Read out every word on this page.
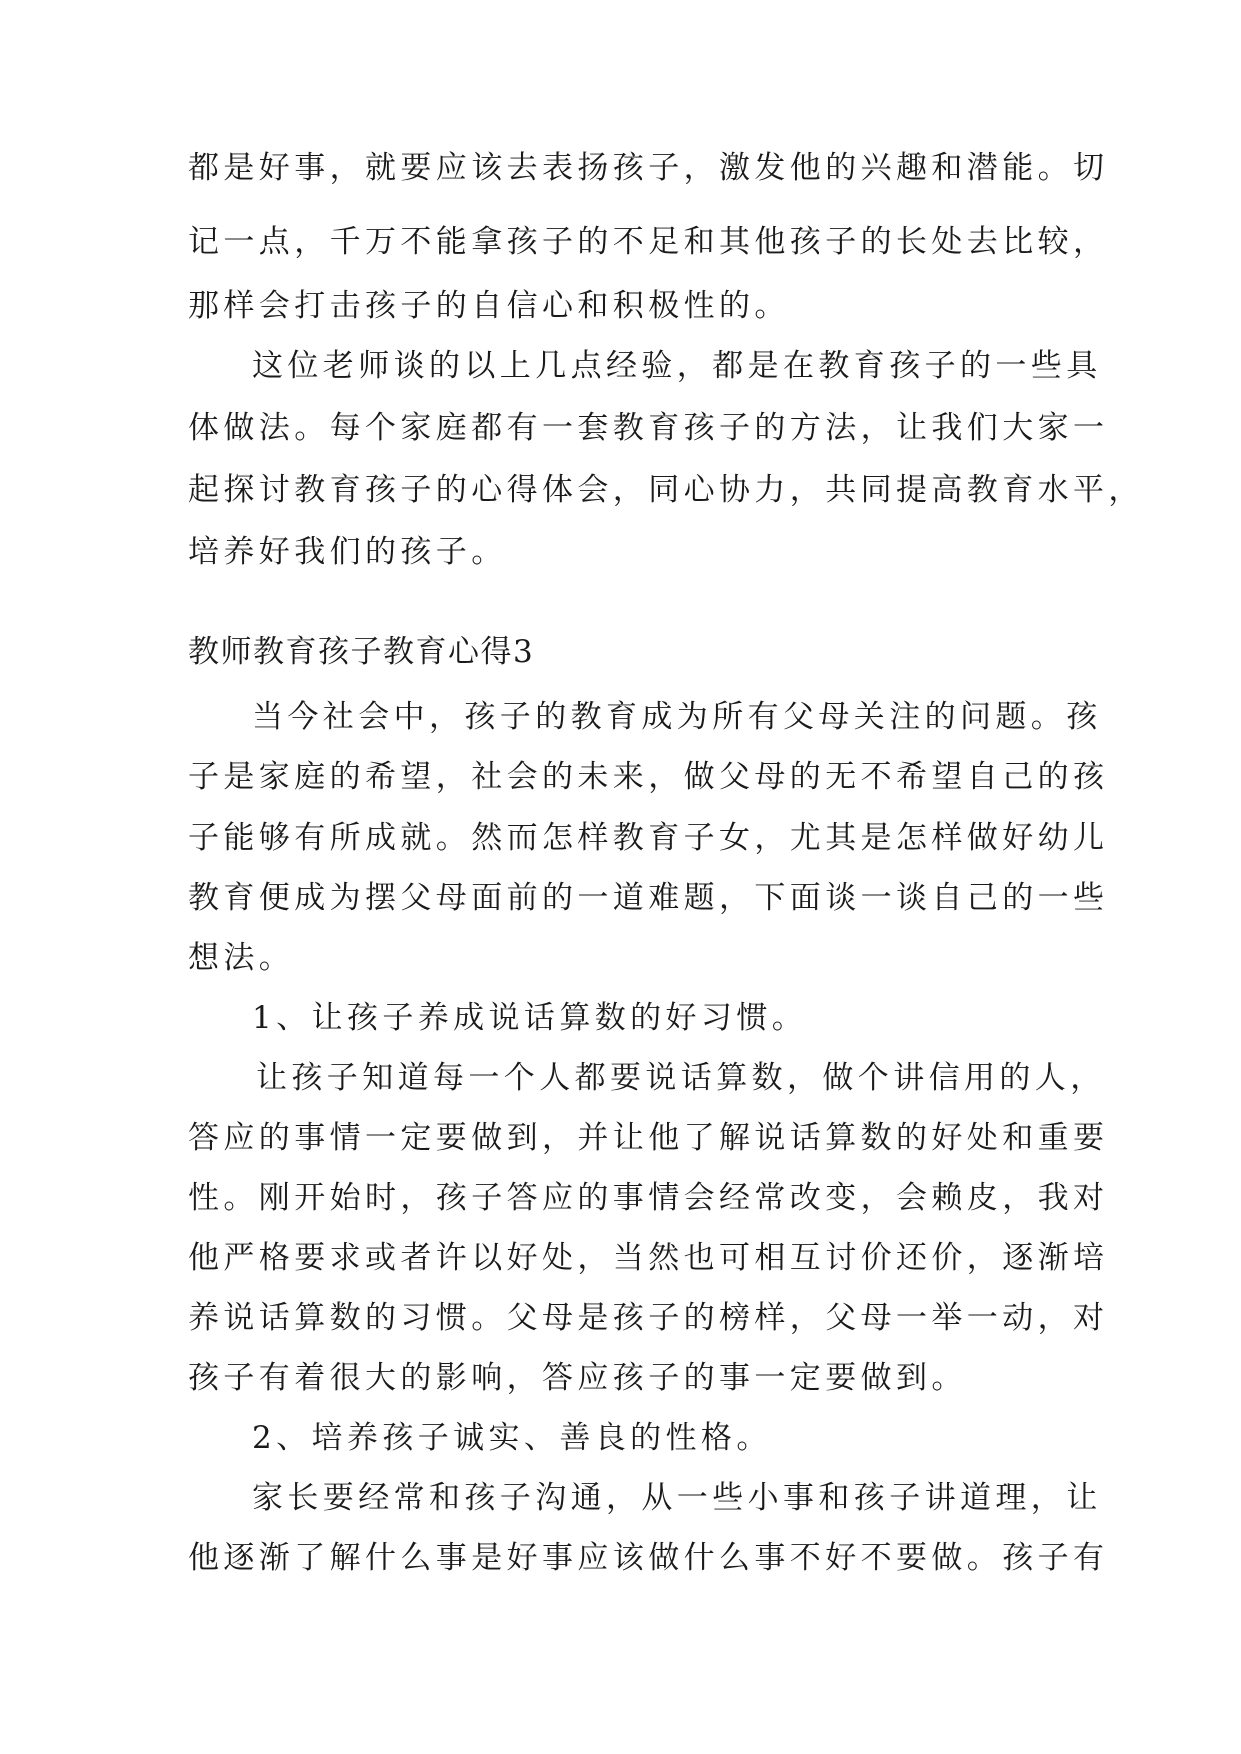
都是好事，就要应该去表扬孩子，激发他的兴趣和潜能。切
记一点，千万不能拿孩子的不足和其他孩子的长处去比较，
那样会打击孩子的自信心和积极性的。
这位老师谈的以上几点经验，都是在教育孩子的一些具
体做法。每个家庭都有一套教育孩子的方法，让我们大家一
起探讨教育孩子的心得体会，同心协力，共同提高教育水平，
培养好我们的孩子。
教师教育孩子教育心得3
当今社会中，孩子的教育成为所有父母关注的问题。孩
子是家庭的希望，社会的未来，做父母的无不希望自己的孩
子能够有所成就。然而怎样教育子女，尤其是怎样做好幼儿
教育便成为摆父母面前的一道难题，下面谈一谈自己的一些
想法。
1、让孩子养成说话算数的好习惯。
让孩子知道每一个人都要说话算数，做个讲信用的人，
答应的事情一定要做到，并让他了解说话算数的好处和重要
性。刚开始时，孩子答应的事情会经常改变，会赖皮，我对
他严格要求或者许以好处，当然也可相互讨价还价，逐渐培
养说话算数的习惯。父母是孩子的榜样，父母一举一动，对
孩子有着很大的影响，答应孩子的事一定要做到。
2、培养孩子诚实、善良的性格。
家长要经常和孩子沟通，从一些小事和孩子讲道理，让
他逐渐了解什么事是好事应该做什么事不好不要做。孩子有
